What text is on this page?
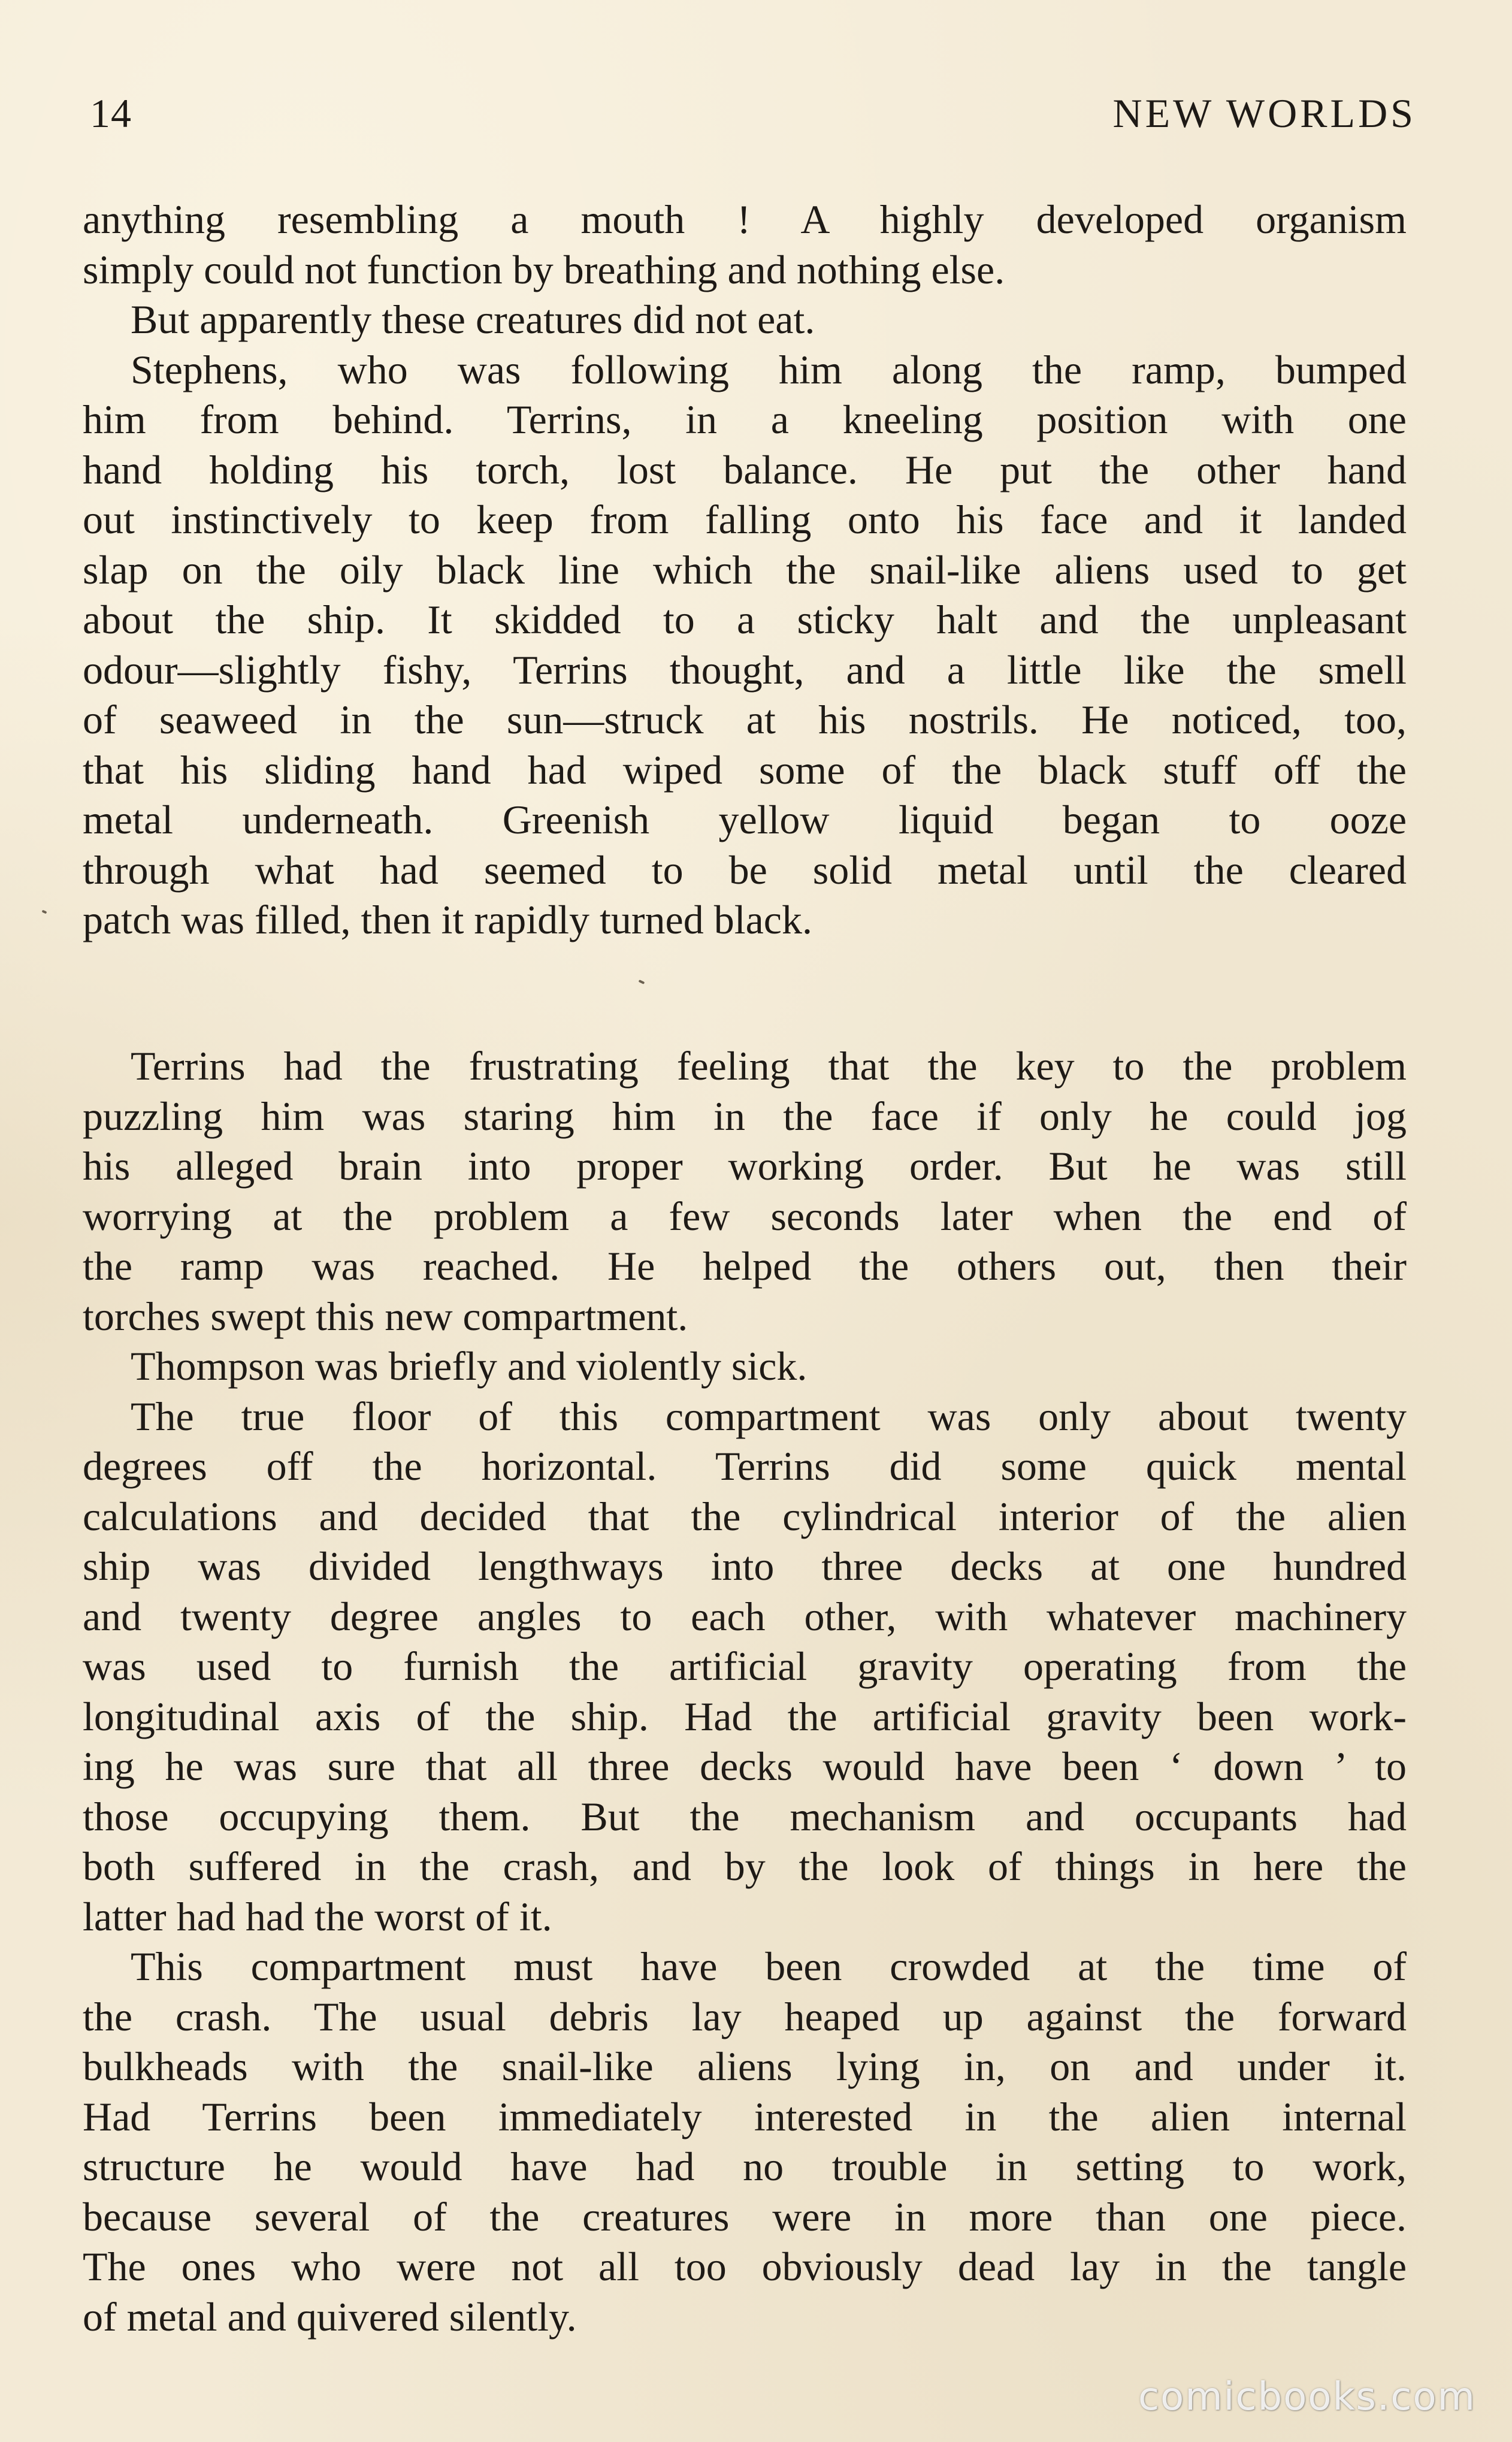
14	NEW WORLDS
anything resembling a mouth ! A highly developed organism
simply could not function by breathing and nothing else.
But apparently these creatures did not eat.
Stephens, who was following him along the ramp, bumped
him from behind. Terrins, in a kneeling position with one
hand holding his torch, lost balance. He put the other hand
out instinctively to keep from falling onto his face and it landed
slap on the oily black line which the snail-like aliens used to get
about the ship. It skidded to a sticky halt and the unpleasant
odour—slightly fishy, Terrins thought, and a little like the smell
of seaweed in the sun—struck at his nostrils. He noticed, too,
that his sliding hand had wiped some of the black stuff off the
metal underneath. Greenish yellow liquid began to ooze
through what had seemed to be solid metal until the cleared
patch was filled, then it rapidly turned black.
Terrins had the frustrating feeling that the key to the problem
puzzling him was staring him in the face if only he could jog
his alleged brain into proper working order. But he was still
worrying at the problem a few seconds later when the end of
the ramp was reached. He helped the others out, then their
torches swept this new compartment.
Thompson was briefly and violently sick.
The true floor of this compartment was only about twenty
degrees off the horizontal. Terrins did some quick mental
calculations and decided that the cylindrical interior of the alien
ship was divided lengthways into three decks at one hundred
and twenty degree angles to each other, with whatever machinery
was used to furnish the artificial gravity operating from the
longitudinal axis of the ship. Had the artificial gravity been work-
ing he was sure that all three decks would have been ‘ down ’ to
those occupying them. But the mechanism and occupants had
both suffered in the crash, and by the look of things in here the
latter had had the worst of it.
This compartment must have been crowded at the time of
the crash. The usual debris lay heaped up against the forward
bulkheads with the snail-like aliens lying in, on and under it.
Had Terrins been immediately interested in the alien internal
structure he would have had no trouble in setting to work,
because several of the creatures were in more than one piece.
The ones who were not all too obviously dead lay in the tangle
of metal and quivered silently.
comicbooks.com
